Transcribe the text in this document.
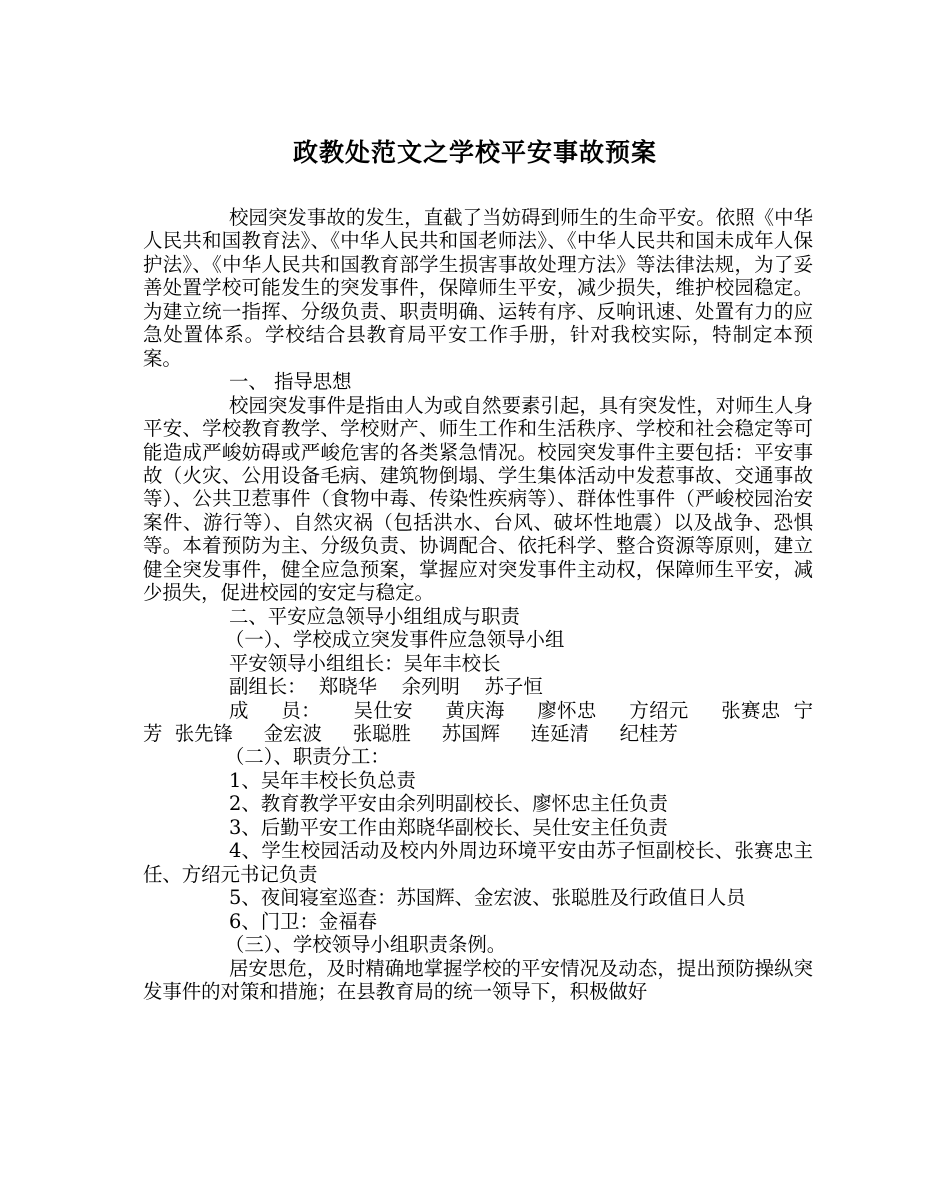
政教处范文之学校平安事故预案

校园突发事故的发生，直截了当妨碍到师生的生命平安。依照《中华人民共和国教育法》、《中华人民共和国老师法》、《中华人民共和国未成年人保护法》、《中华人民共和国教育部学生损害事故处理方法》等法律法规，为了妥善处置学校可能发生的突发事件，保障师生平安，减少损失，维护校园稳定。为建立统一指挥、分级负责、职责明确、运转有序、反响讯速、处置有力的应急处置体系。学校结合县教育局平安工作手册，针对我校实际，特制定本预案。

一、 指导思想

校园突发事件是指由人为或自然要素引起，具有突发性，对师生人身平安、学校教育教学、学校财产、师生工作和生活秩序、学校和社会稳定等可能造成严峻妨碍或严峻危害的各类紧急情况。校园突发事件主要包括：平安事故（火灾、公用设备毛病、建筑物倒塌、学生集体活动中发惹事故、交通事故等）、公共卫惹事件（食物中毒、传染性疾病等）、群体性事件（严峻校园治安案件、游行等）、自然灾祸（包括洪水、台风、破坏性地震）以及战争、恐惧等。本着预防为主、分级负责、协调配合、依托科学、整合资源等原则，建立健全突发事件，健全应急预案，掌握应对突发事件主动权，保障师生平安，减少损失，促进校园的安定与稳定。

二、平安应急领导小组组成与职责

（一）、学校成立突发事件应急领导小组

平安领导小组组长：吴年丰校长

副组长：  郑晓华    余列明    苏子恒

成     员：     吴仕安     黄庆海     廖怀忠     方绍元     张赛忠  宁  芳  张先锋     金宏波     张聪胜     苏国辉     连延清     纪桂芳

（二）、职责分工：

1、吴年丰校长负总责

2、教育教学平安由余列明副校长、廖怀忠主任负责

3、后勤平安工作由郑晓华副校长、吴仕安主任负责

4、学生校园活动及校内外周边环境平安由苏子恒副校长、张赛忠主任、方绍元书记负责

5、夜间寝室巡查：苏国辉、金宏波、张聪胜及行政值日人员

6、门卫：金福春

（三）、学校领导小组职责条例。

居安思危，及时精确地掌握学校的平安情况及动态，提出预防操纵突发事件的对策和措施；在县教育局的统一领导下，积极做好
